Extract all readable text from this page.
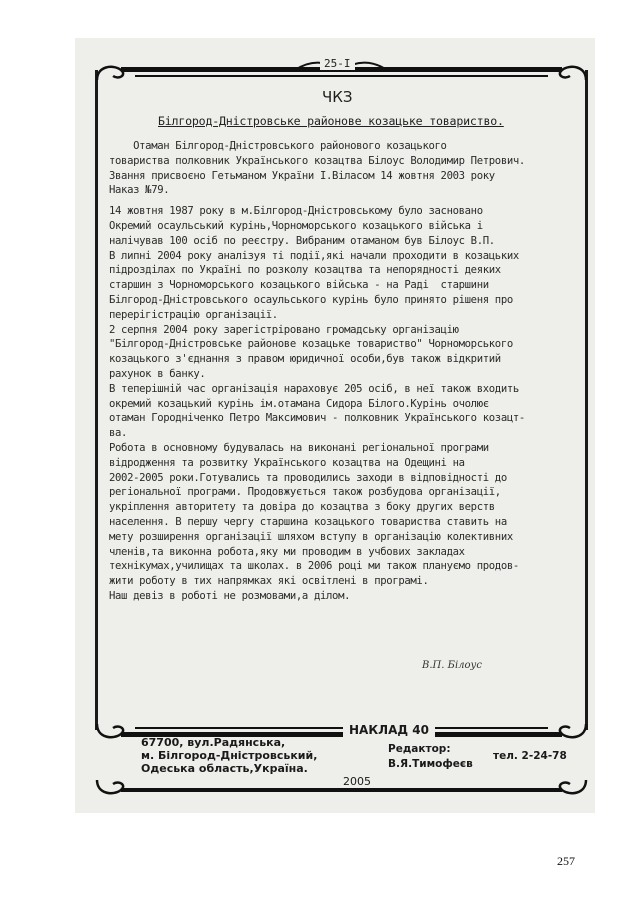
25-I
ЧКЗ
Білгород-Дністровське районове козацьке товариство.
Отаман Білгород-Дністровського районового козацького
товариства полковник Українського козацтва Білоус Володимир Петрович.
Звання присвоєно Гетьманом України І.Віласом 14 жовтня 2003 року
Наказ №79.
14 жовтня 1987 року в м.Білгород-Дністровському було засновано
Окремий осаульський курінь,Чорноморського козацького війська і
налічував 100 осіб по реєстру. Вибраним отаманом був Білоус В.П.
В липні 2004 року аналізуя ті події,які начали проходити в козацьких
підрозділах по Україні по розколу козацтва та непорядності деяких
старшин з Чорноморського козацького війська - на Раді  старшини
Білгород-Дністровського осаульського курінь було принято рішеня про
перерігістрацію організації.
2 серпня 2004 року зарегістріровано громадську організацію
"Білгород-Дністровське районове козацьке товариство" Чорноморського
козацького з'єднання з правом юридичної особи,був також відкритий
рахунок в банку.
В теперішній час організація нараховує 205 осіб, в неї також входить
окремий козацький курінь ім.отамана Сидора Білого.Курінь очолює
отаман Городніченко Петро Максимович - полковник Українського козацт-
ва.
Робота в основному будувалась на виконані регіональної програми
відродження та розвитку Українського козацтва на Одещині на
2002-2005 роки.Готувались та проводились заходи в відповідності до
регіональної програми. Продовжується також розбудова організації,
укріплення авторитету та довіра до козацтва з боку других верств
населення. В першу чергу старшина козацького товариства ставить на
мету розширення організації шляхом вступу в організацію колективних
членів,та виконна робота,яку ми проводим в учбових закладах
технікумах,училищах та школах. в 2006 році ми також плануємо продов-
жити роботу в тих напрямках які освітлені в програмі.
Наш девіз в роботі не розмовами,а ділом.
В.П. Білоус
НАКЛАД 40
67700, вул.Радянська,
м. Білгород-Дністровський,
Одеська область,Україна.
Редактор:
В.Я.Тимофеєв
тел. 2-24-78
2005
257
